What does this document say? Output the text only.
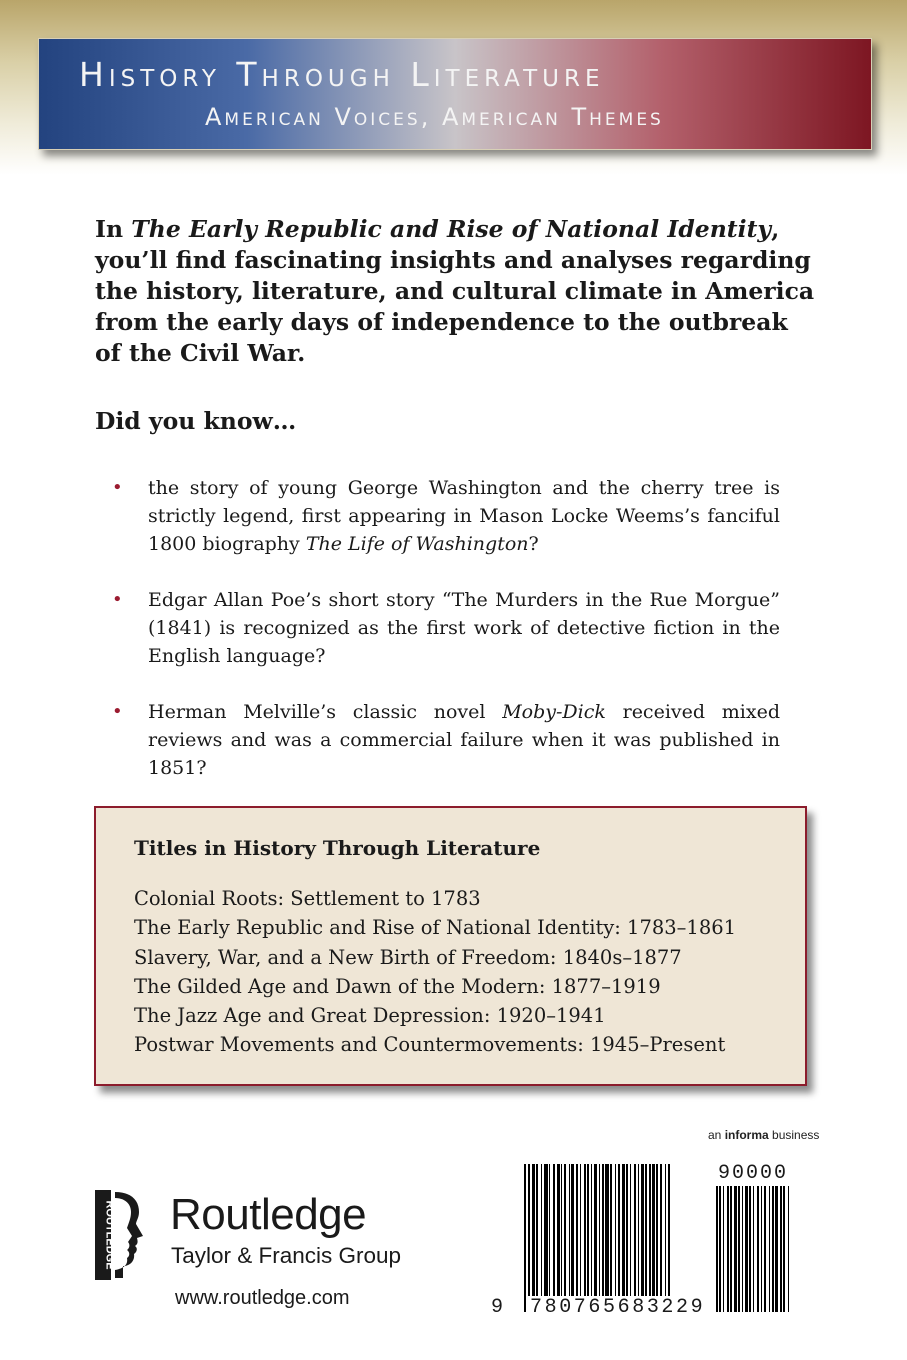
History Through Literature
American Voices, American Themes

In The Early Republic and Rise of National Identity, you’ll find fascinating insights and analyses regarding the history, literature, and cultural climate in America from the early days of independence to the outbreak of the Civil War.

Did you know…

• the story of young George Washington and the cherry tree is strictly legend, first appearing in Mason Locke Weems’s fanciful 1800 biography The Life of Washington?
• Edgar Allan Poe’s short story “The Murders in the Rue Morgue” (1841) is recognized as the first work of detective fiction in the English language?
• Herman Melville’s classic novel Moby-Dick received mixed reviews and was a commercial failure when it was published in 1851?

Titles in History Through Literature

Colonial Roots: Settlement to 1783
The Early Republic and Rise of National Identity: 1783–1861
Slavery, War, and a New Birth of Freedom: 1840s–1877
The Gilded Age and Dawn of the Modern: 1877–1919
The Jazz Age and Great Depression: 1920–1941
Postwar Movements and Countermovements: 1945–Present
an informa business
ROUTLEDGE Routledge

Taylor & Francis Group

www.routledge.com

90000

9 780765683229
